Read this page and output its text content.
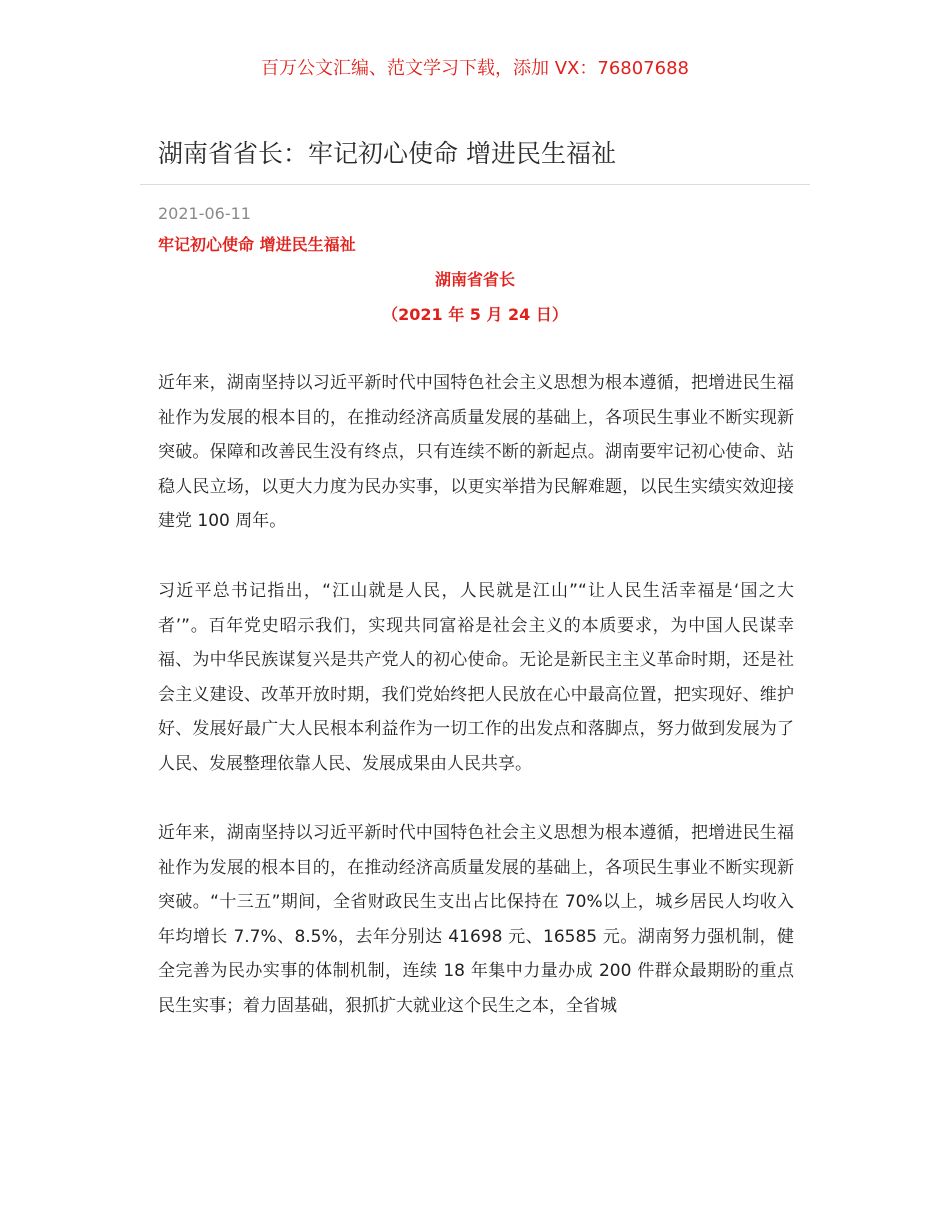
百万公文汇编、范文学习下载，添加 VX：76807688
湖南省省长：牢记初心使命 增进民生福祉
2021-06-11
牢记初心使命 增进民生福祉
湖南省省长
（2021 年 5 月 24 日）

近年来，湖南坚持以习近平新时代中国特色社会主义思想为根本遵循，把增进民生福祉作为发展的根本目的，在推动经济高质量发展的基础上，各项民生事业不断实现新突破。保障和改善民生没有终点，只有连续不断的新起点。湖南要牢记初心使命、站稳人民立场，以更大力度为民办实事，以更实举措为民解难题，以民生实绩实效迎接建党 100 周年。

习近平总书记指出，“江山就是人民，人民就是江山”“让人民生活幸福是‘国之大者’”。百年党史昭示我们，实现共同富裕是社会主义的本质要求，为中国人民谋幸福、为中华民族谋复兴是共产党人的初心使命。无论是新民主主义革命时期，还是社会主义建设、改革开放时期，我们党始终把人民放在心中最高位置，把实现好、维护好、发展好最广大人民根本利益作为一切工作的出发点和落脚点，努力做到发展为了人民、发展整理依靠人民、发展成果由人民共享。

近年来，湖南坚持以习近平新时代中国特色社会主义思想为根本遵循，把增进民生福祉作为发展的根本目的，在推动经济高质量发展的基础上，各项民生事业不断实现新突破。“十三五”期间，全省财政民生支出占比保持在 70%以上，城乡居民人均收入年均增长 7.7%、8.5%，去年分别达 41698 元、16585 元。湖南努力强机制，健全完善为民办实事的体制机制，连续 18 年集中力量办成 200 件群众最期盼的重点民生实事；着力固基础，狠抓扩大就业这个民生之本，全省城
